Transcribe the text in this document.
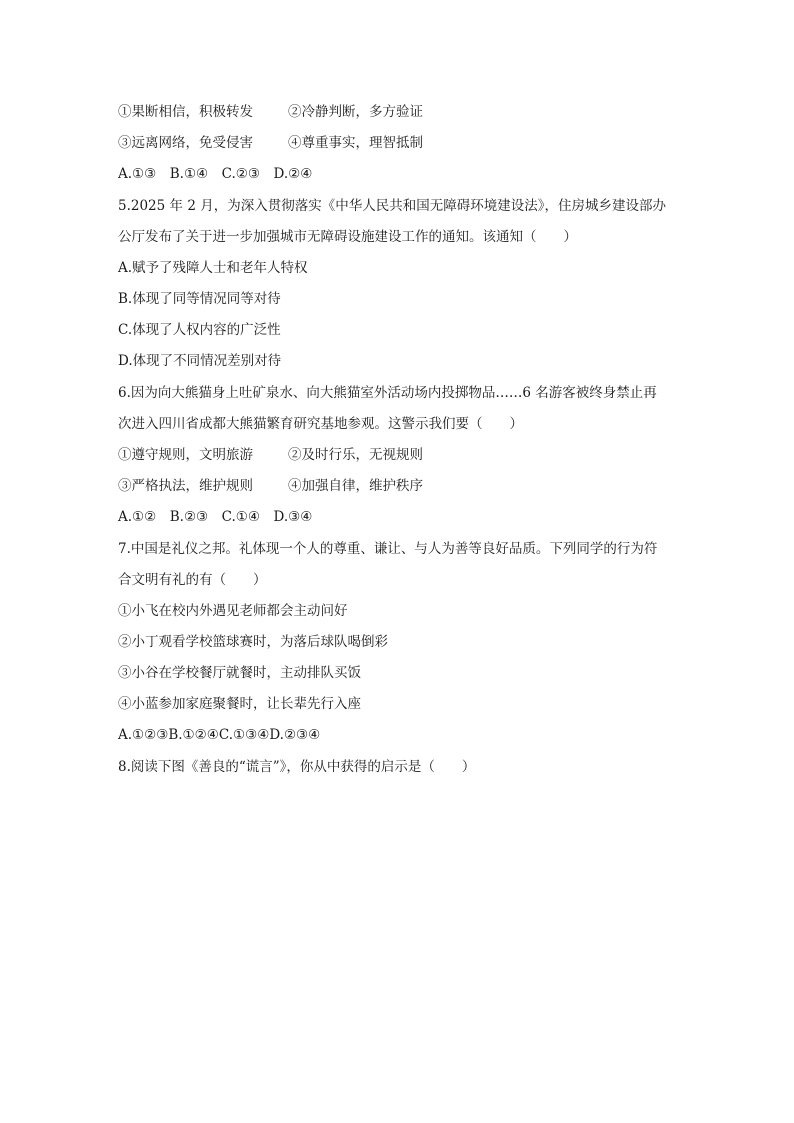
①果断相信，积极转发	②冷静判断，多方验证
③远离网络，免受侵害	④尊重事实，理智抵制
A.①③　B.①④　C.②③　D.②④
5.2025 年 2 月，为深入贯彻落实《中华人民共和国无障碍环境建设法》，住房城乡建设部办
公厅发布了关于进一步加强城市无障碍设施建设工作的通知。该通知（　　）
A.赋予了残障人士和老年人特权
B.体现了同等情况同等对待
C.体现了人权内容的广泛性
D.体现了不同情况差别对待
6.因为向大熊猫身上吐矿泉水、向大熊猫室外活动场内投掷物品……6 名游客被终身禁止再
次进入四川省成都大熊猫繁育研究基地参观。这警示我们要（　　）
①遵守规则，文明旅游	②及时行乐，无视规则
③严格执法，维护规则	④加强自律，维护秩序
A.①②　B.②③　C.①④　D.③④
7.中国是礼仪之邦。礼体现一个人的尊重、谦让、与人为善等良好品质。下列同学的行为符
合文明有礼的有（　　）
①小飞在校内外遇见老师都会主动问好
②小丁观看学校篮球赛时，为落后球队喝倒彩
③小谷在学校餐厅就餐时，主动排队买饭
④小蓝参加家庭聚餐时，让长辈先行入座
A.①②③B.①②④C.①③④D.②③④
8.阅读下图《善良的“谎言”》，你从中获得的启示是（　　）
